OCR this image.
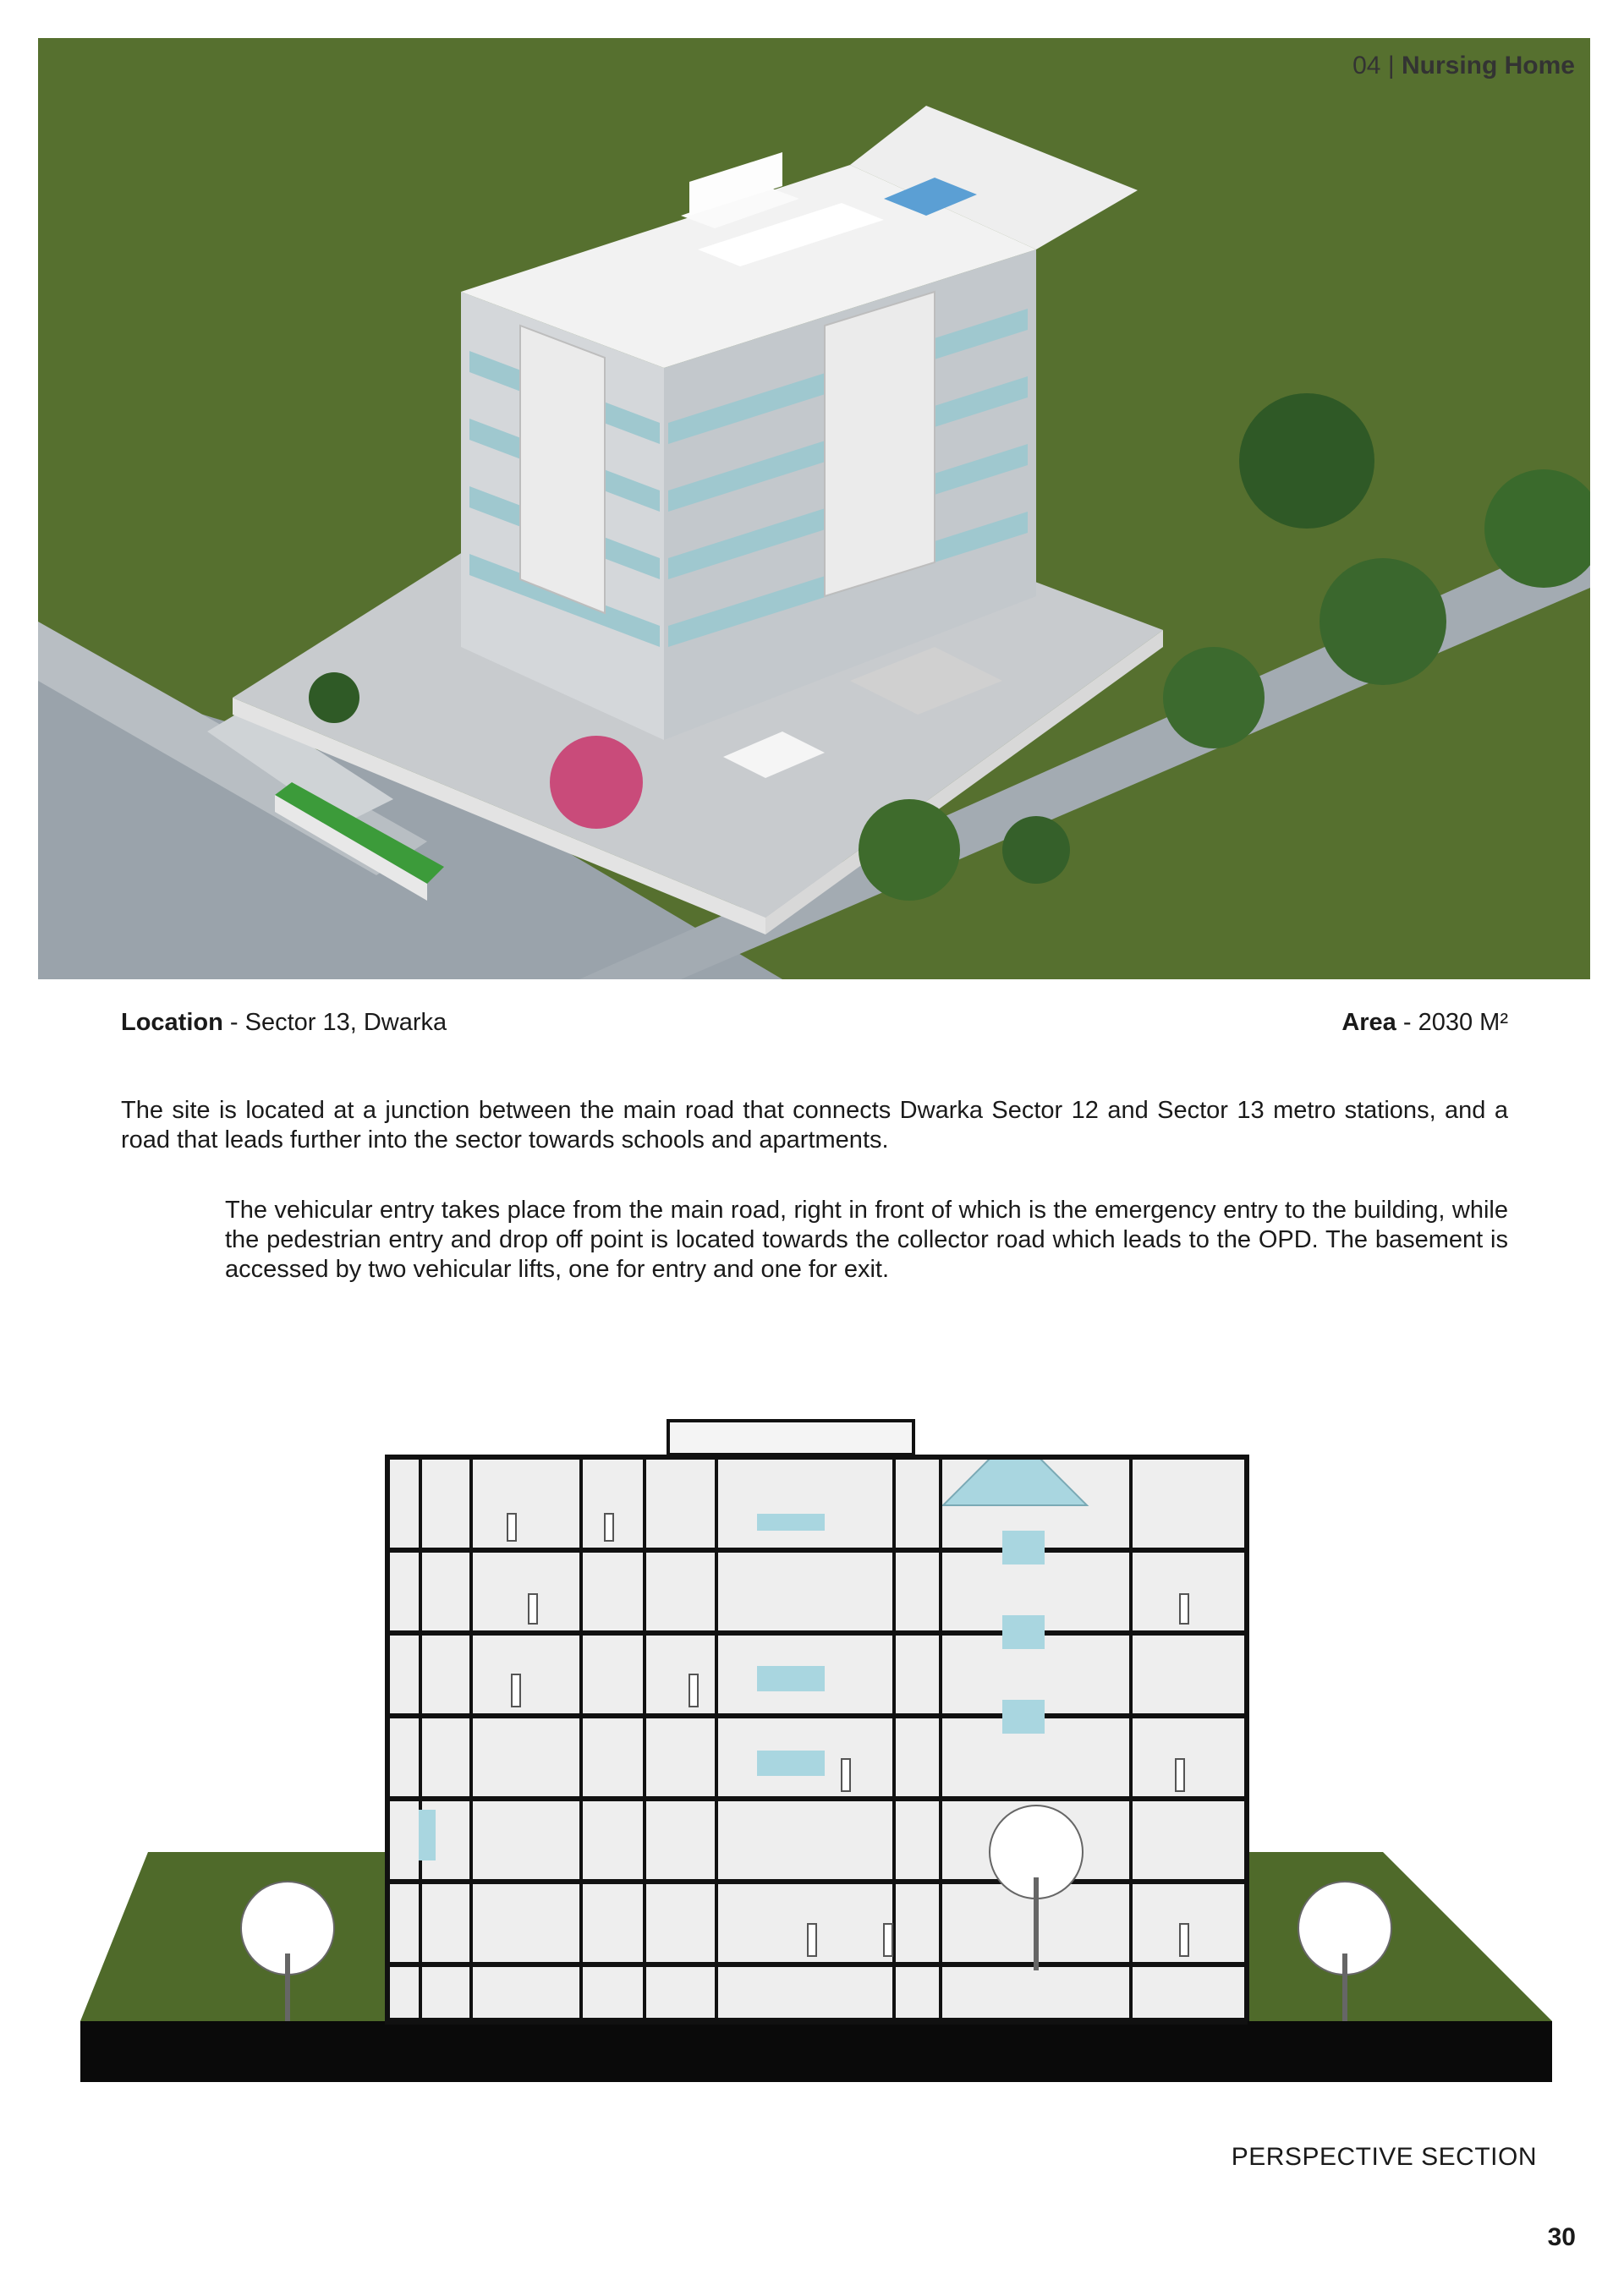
04 | Nursing Home
Location - Sector 13, Dwarka	Area - 2030 M²

The site is located at a junction between the main road that connects Dwarka Sector 12 and Sector 13 metro stations, and a road that leads further into the sector towards schools and apartments.

The vehicular entry takes place from the main road, right in front of which is the emergency entry to the building, while the pedestrian entry and drop off point is located towards the collector road which leads to the OPD. The basement is accessed by two vehicular lifts, one for entry and one for exit.

PERSPECTIVE SECTION
30
